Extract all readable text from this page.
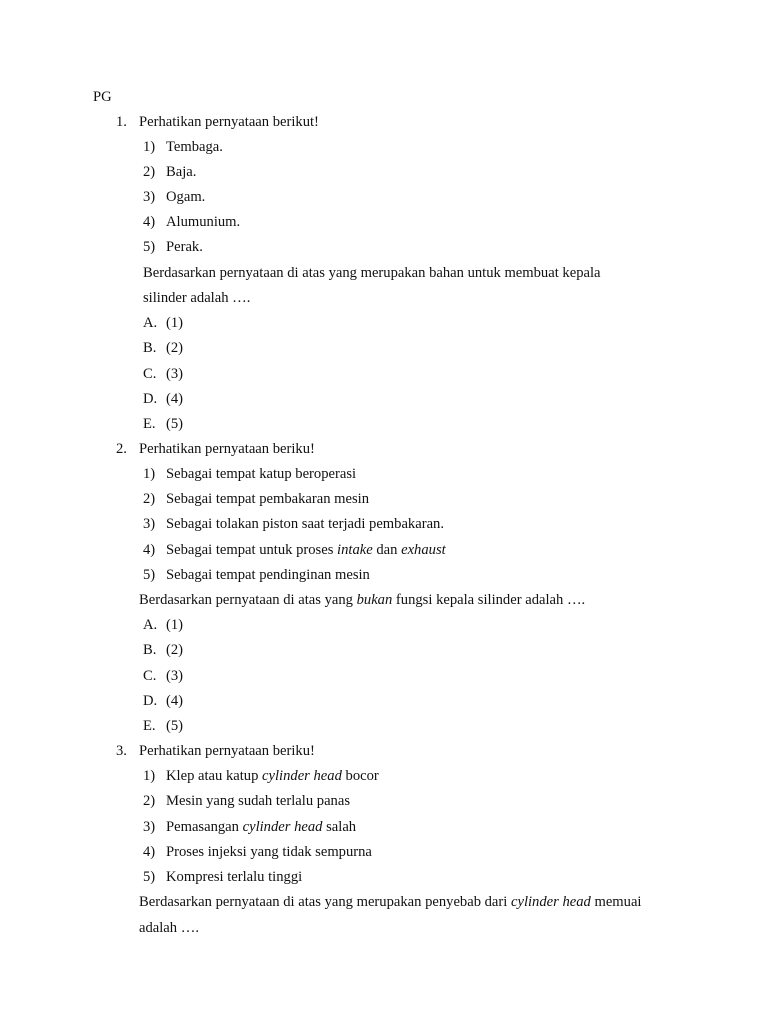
PG
1. Perhatikan pernyataan berikut!
1) Tembaga.
2) Baja.
3) Ogam.
4) Alumunium.
5) Perak.
Berdasarkan pernyataan di atas yang merupakan bahan untuk membuat kepala
silinder adalah ….
A. (1)
B. (2)
C. (3)
D. (4)
E. (5)
2. Perhatikan pernyataan beriku!
1) Sebagai tempat katup beroperasi
2) Sebagai tempat pembakaran mesin
3) Sebagai tolakan piston saat terjadi pembakaran.
4) Sebagai tempat untuk proses intake dan exhaust
5) Sebagai tempat pendinginan mesin
Berdasarkan pernyataan di atas yang bukan fungsi kepala silinder adalah ….
A. (1)
B. (2)
C. (3)
D. (4)
E. (5)
3. Perhatikan pernyataan beriku!
1) Klep atau katup cylinder head bocor
2) Mesin yang sudah terlalu panas
3) Pemasangan cylinder head salah
4) Proses injeksi yang tidak sempurna
5) Kompresi terlalu tinggi
Berdasarkan pernyataan di atas yang merupakan penyebab dari cylinder head memuai
adalah ….
